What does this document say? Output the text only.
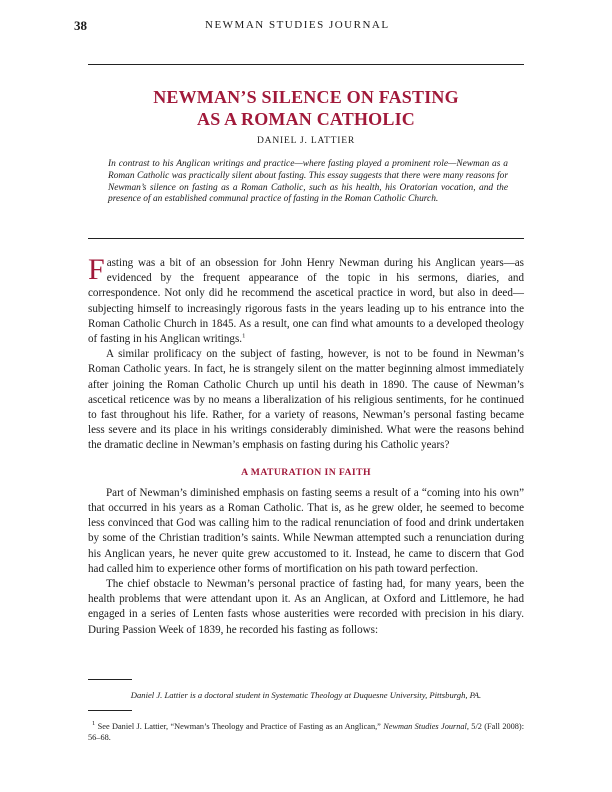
38	NEWMAN STUDIES JOURNAL
NEWMAN’S SILENCE ON FASTING
AS A ROMAN CATHOLIC
DANIEL J. LATTIER
In contrast to his Anglican writings and practice—where fasting played a prominent role—Newman as a Roman Catholic was practically silent about fasting. This essay suggests that there were many reasons for Newman’s silence on fasting as a Roman Catholic, such as his health, his Oratorian vocation, and the presence of an established communal practice of fasting in the Roman Catholic Church.

Fasting was a bit of an obsession for John Henry Newman during his Anglican years—as evidenced by the frequent appearance of the topic in his sermons, diaries, and correspondence. Not only did he recommend the ascetical practice in word, but also in deed—subjecting himself to increasingly rigorous fasts in the years leading up to his entrance into the Roman Catholic Church in 1845. As a result, one can find what amounts to a developed theology of fasting in his Anglican writings.$^1$

A similar prolificacy on the subject of fasting, however, is not to be found in Newman’s Roman Catholic years. In fact, he is strangely silent on the matter beginning almost immediately after joining the Roman Catholic Church up until his death in 1890. The cause of Newman’s ascetical reticence was by no means a liberalization of his religious sentiments, for he continued to fast throughout his life. Rather, for a variety of reasons, Newman’s personal fasting became less severe and its place in his writings considerably diminished. What were the reasons behind the dramatic decline in Newman’s emphasis on fasting during his Catholic years?

A MATURATION IN FAITH

Part of Newman’s diminished emphasis on fasting seems a result of a “coming into his own” that occurred in his years as a Roman Catholic. That is, as he grew older, he seemed to become less convinced that God was calling him to the radical renunciation of food and drink undertaken by some of the Christian tradition’s saints. While Newman attempted such a renunciation during his Anglican years, he never quite grew accustomed to it. Instead, he came to discern that God had called him to experience other forms of mortification on his path toward perfection.

The chief obstacle to Newman’s personal practice of fasting had, for many years, been the health problems that were attendant upon it. As an Anglican, at Oxford and Littlemore, he had engaged in a series of Lenten fasts whose austerities were recorded with precision in his diary. During Passion Week of 1839, he recorded his fasting as follows:

Daniel J. Lattier is a doctoral student in Systematic Theology at Duquesne University, Pittsburgh, PA.
$^1$ See Daniel J. Lattier, “Newman’s Theology and Practice of Fasting as an Anglican,” Newman Studies Journal, 5/2 (Fall 2008): 56–68.
